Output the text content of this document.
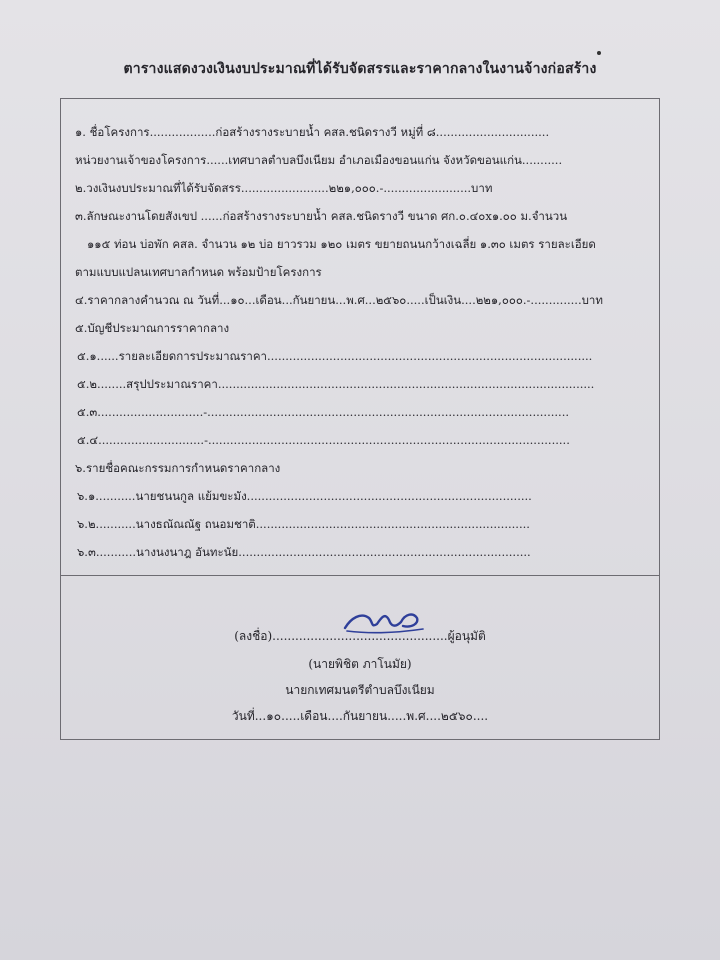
ตารางแสดงวงเงินงบประมาณที่ได้รับจัดสรรและราคากลางในงานจ้างก่อสร้าง
๑. ชื่อโครงการ..................ก่อสร้างรางระบายน้ำ คสล.ชนิดรางวี หมู่ที่ ๘...............................
หน่วยงานเจ้าของโครงการ......เทศบาลตำบลบึงเนียม อำเภอเมืองขอนแก่น จังหวัดขอนแก่น...........
๒.วงเงินงบประมาณที่ได้รับจัดสรร........................๒๒๑,๐๐๐.-........................บาท
๓.ลักษณะงานโดยสังเขป ......ก่อสร้างรางระบายน้ำ คสล.ชนิดรางวี ขนาด ศก.๐.๔๐x๑.๐๐ ม.จำนวน
๑๑๕ ท่อน บ่อพัก คสล. จำนวน ๑๒ บ่อ ยาวรวม ๑๒๐ เมตร ขยายถนนกว้างเฉลี่ย ๑.๓๐ เมตร รายละเอียด
ตามแบบแปลนเทศบาลกำหนด พร้อมป้ายโครงการ
๔.ราคากลางคำนวณ ณ วันที่...๑๐...เดือน...กันยายน...พ.ศ...๒๕๖๐.....เป็นเงิน....๒๒๑,๐๐๐.-..............บาท
๕.บัญชีประมาณการราคากลาง
๕.๑......รายละเอียดการประมาณราคา.........................................................................................
๕.๒........สรุปประมาณราคา.......................................................................................................
๕.๓.............................-...................................................................................................
๕.๔.............................-...................................................................................................
๖.รายชื่อคณะกรรมการกำหนดราคากลาง
๖.๑...........นายชนนกูล แย้มขะมัง..............................................................................
๖.๒...........นางธณัณณัฐ ถนอมชาติ...........................................................................
๖.๓...........นางนงนาฎ อันทะนัย................................................................................
(ลงชื่อ)..............................................ผู้อนุมัติ
(นายพิชิต ภาโนมัย)
นายกเทศมนตรีตำบลบึงเนียม
วันที่...๑๐.....เดือน....กันยายน.....พ.ศ....๒๕๖๐....
